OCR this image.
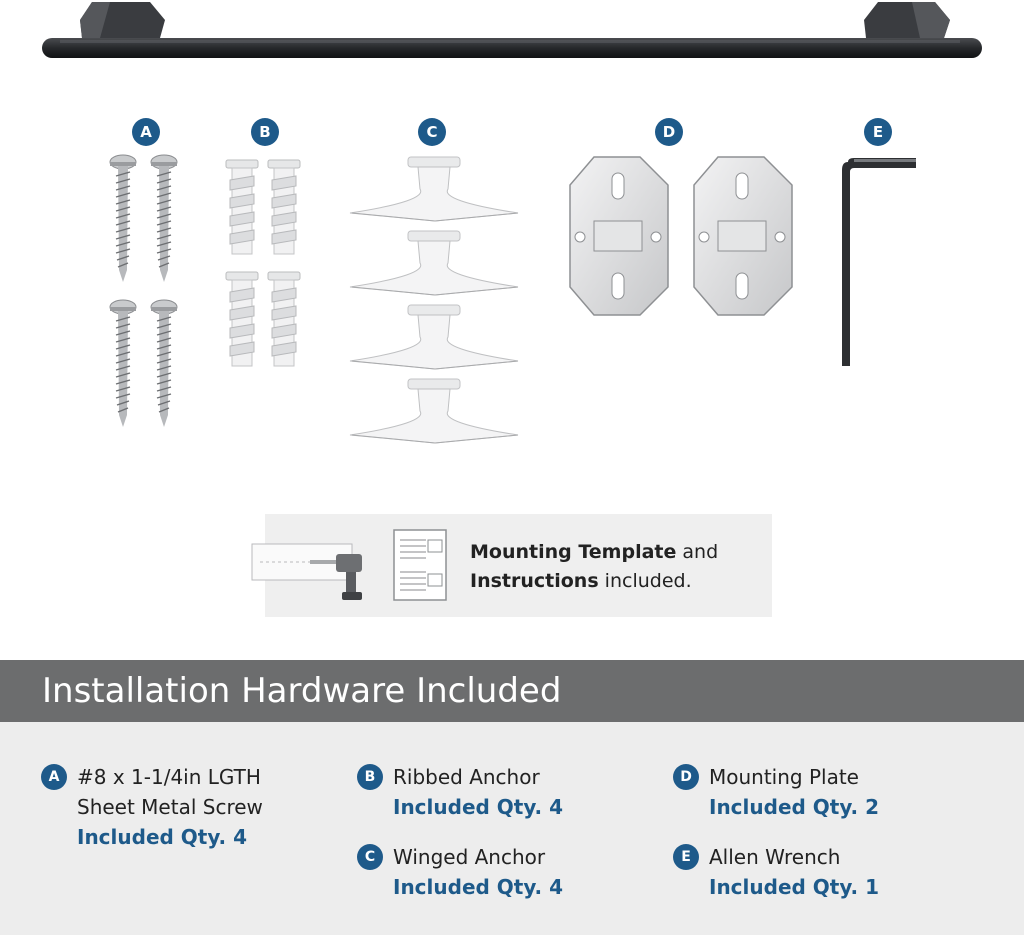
A	B	C	D	E
Mounting Template and
Instructions included.
Installation Hardware Included
A #8 x 1-1/4in LGTH
Sheet Metal Screw
Included Qty. 4
B Ribbed Anchor
Included Qty. 4
C Winged Anchor
Included Qty. 4
D Mounting Plate
Included Qty. 2
E Allen Wrench
Included Qty. 1
